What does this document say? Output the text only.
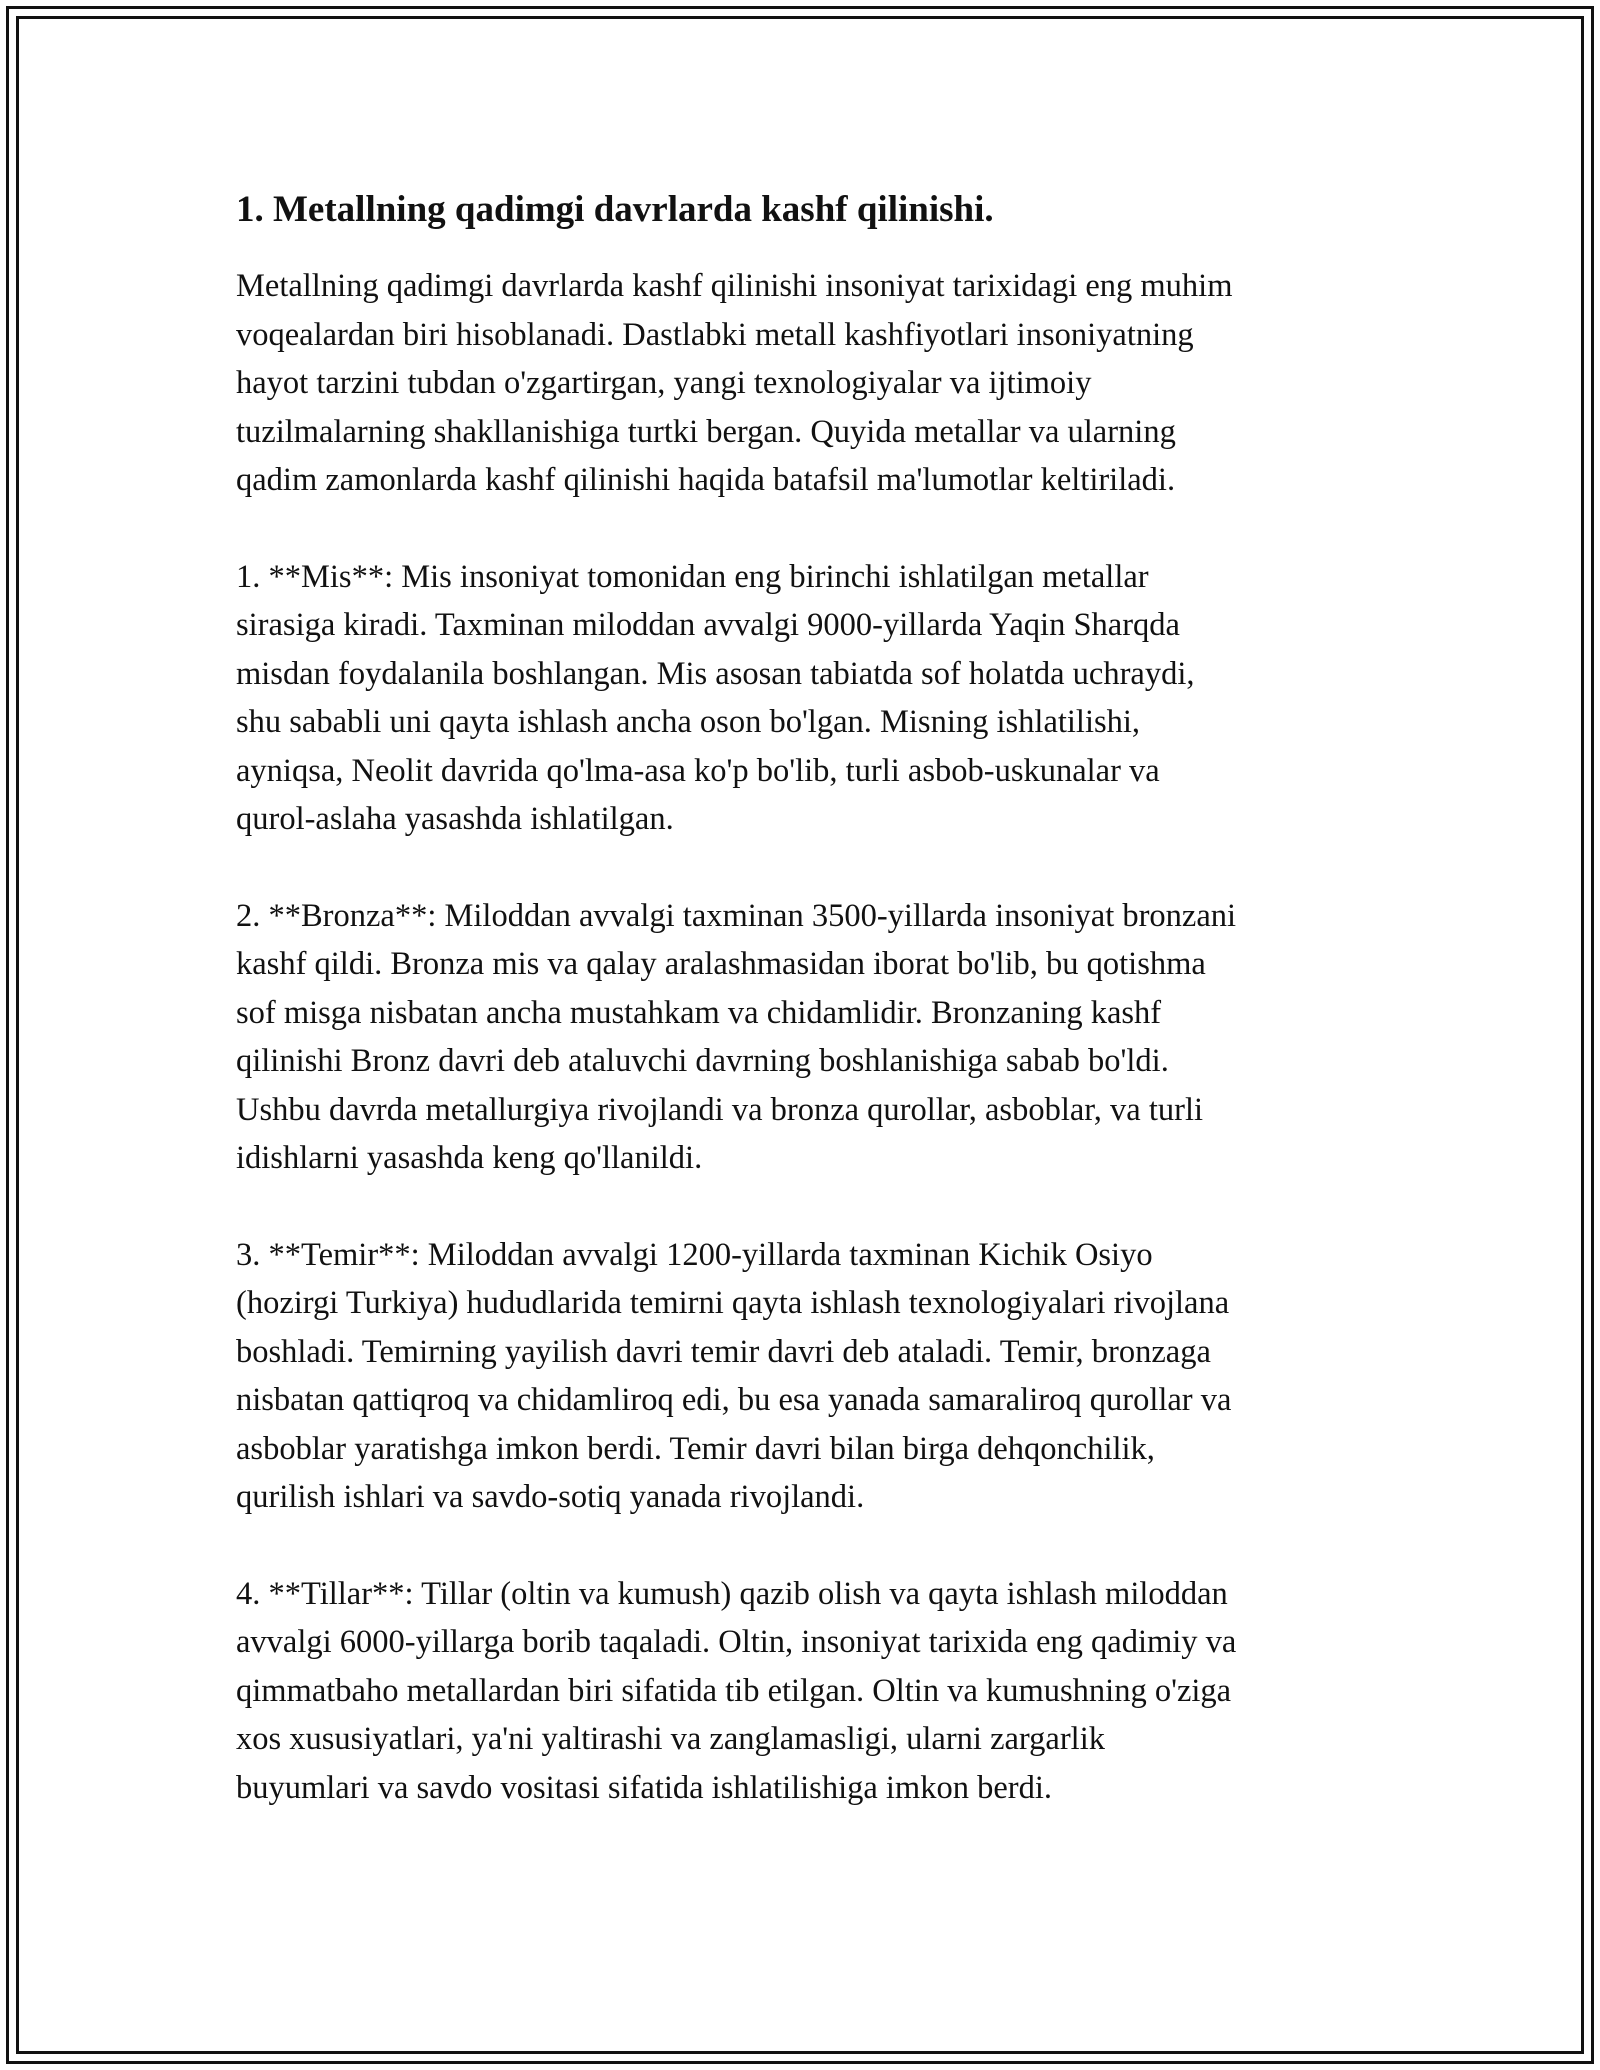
1. Metallning qadimgi davrlarda kashf qilinishi.

Metallning qadimgi davrlarda kashf qilinishi insoniyat tarixidagi eng muhim
voqealardan biri hisoblanadi. Dastlabki metall kashfiyotlari insoniyatning
hayot tarzini tubdan o'zgartirgan, yangi texnologiyalar va ijtimoiy
tuzilmalarning shakllanishiga turtki bergan. Quyida metallar va ularning
qadim zamonlarda kashf qilinishi haqida batafsil ma'lumotlar keltiriladi.

1. **Mis**: Mis insoniyat tomonidan eng birinchi ishlatilgan metallar
sirasiga kiradi. Taxminan miloddan avvalgi 9000-yillarda Yaqin Sharqda
misdan foydalanila boshlangan. Mis asosan tabiatda sof holatda uchraydi,
shu sababli uni qayta ishlash ancha oson bo'lgan. Misning ishlatilishi,
ayniqsa, Neolit davrida qo'lma-asa ko'p bo'lib, turli asbob-uskunalar va
qurol-aslaha yasashda ishlatilgan.

2. **Bronza**: Miloddan avvalgi taxminan 3500-yillarda insoniyat bronzani
kashf qildi. Bronza mis va qalay aralashmasidan iborat bo'lib, bu qotishma
sof misga nisbatan ancha mustahkam va chidamlidir. Bronzaning kashf
qilinishi Bronz davri deb ataluvchi davrning boshlanishiga sabab bo'ldi.
Ushbu davrda metallurgiya rivojlandi va bronza qurollar, asboblar, va turli
idishlarni yasashda keng qo'llanildi.

3. **Temir**: Miloddan avvalgi 1200-yillarda taxminan Kichik Osiyo
(hozirgi Turkiya) hududlarida temirni qayta ishlash texnologiyalari rivojlana
boshladi. Temirning yayilish davri temir davri deb ataladi. Temir, bronzaga
nisbatan qattiqroq va chidamliroq edi, bu esa yanada samaraliroq qurollar va
asboblar yaratishga imkon berdi. Temir davri bilan birga dehqonchilik,
qurilish ishlari va savdo-sotiq yanada rivojlandi.

4. **Tillar**: Tillar (oltin va kumush) qazib olish va qayta ishlash miloddan
avvalgi 6000-yillarga borib taqaladi. Oltin, insoniyat tarixida eng qadimiy va
qimmatbaho metallardan biri sifatida tib etilgan. Oltin va kumushning o'ziga
xos xususiyatlari, ya'ni yaltirashi va zanglamasligi, ularni zargarlik
buyumlari va savdo vositasi sifatida ishlatilishiga imkon berdi.
